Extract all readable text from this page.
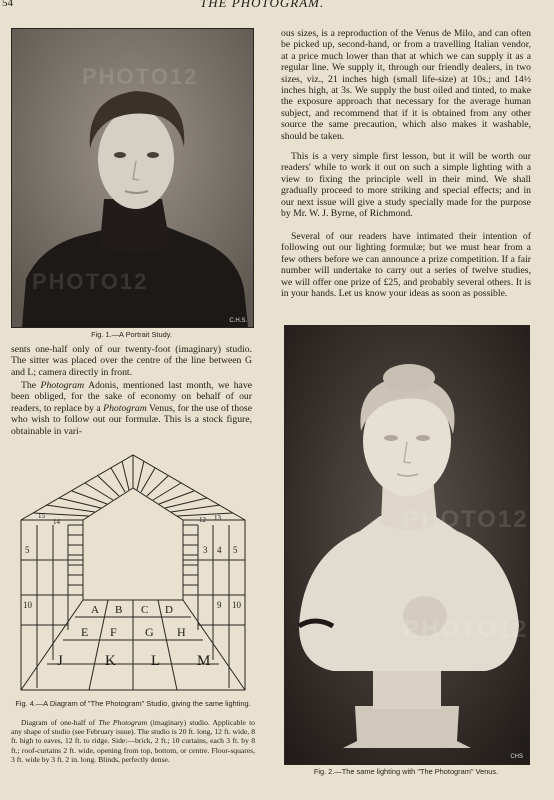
54	THE PHOTOGRAM.
PHOTO12
PHOTO12
C.H.S.
Fig. 1.—A Portrait Study.

sents one-half only of our twenty-foot (imaginary) studio. The sitter was placed over the centre of the line between G and L; camera directly in front.

The Photogram Adonis, mentioned last month, we have been obliged, for the sake of economy on behalf of our readers, to replace by a Photogram Venus, for the use of those who wish to follow out our formulæ. This is a stock figure, obtainable in vari-

5
10
3 4 5
9 10
15
14	12 13
A B C D
E F G H
J	K L M
Fig. 4.—A Diagram of "The Photogram" Studio, giving the same lighting.

Diagram of one-half of The Photogram (imaginary) studio. Applicable to any shape of studio (see February issue). The studio is 20 ft. long, 12 ft. wide, 8 ft. high to eaves, 12 ft. to ridge. Side:—brick, 2 ft.; 10 curtains, each 3 ft. by 8 ft.; roof-curtains 2 ft. wide, opening from top, bottom, or centre. Floor-squares, 3 ft. wide by 3 ft. 2 in. long. Blinds, perfectly dense.

ous sizes, is a reproduction of the Venus de Milo, and can often be picked up, second-hand, or from a travelling Italian vendor, at a price much lower than that at which we can supply it as a regular line. We supply it, through our friendly dealers, in two sizes, viz., 21 inches high (small life-size) at 10s.; and 14½ inches high, at 3s. We supply the bust oiled and tinted, to make the exposure approach that necessary for the average human subject, and recommend that if it is obtained from any other source the same precaution, which also makes it washable, should be taken.

This is a very simple first lesson, but it will be worth our readers' while to work it out on such a simple lighting with a view to fixing the principle well in their mind. We shall gradually proceed to more striking and special effects; and in our next issue will give a study specially made for the purpose by Mr. W. J. Byrne, of Richmond.

Several of our readers have intimated their intention of following out our lighting formulæ; but we must hear from a few others before we can announce a prize competition. If a fair number will undertake to carry out a series of twelve studies, we will offer one prize of £25, and probably several others. It is in your hands. Let us know your ideas as soon as possible.

PHOTO12
PHOTO12
CHS
Fig. 2.—The same lighting with "The Photogram" Venus.
